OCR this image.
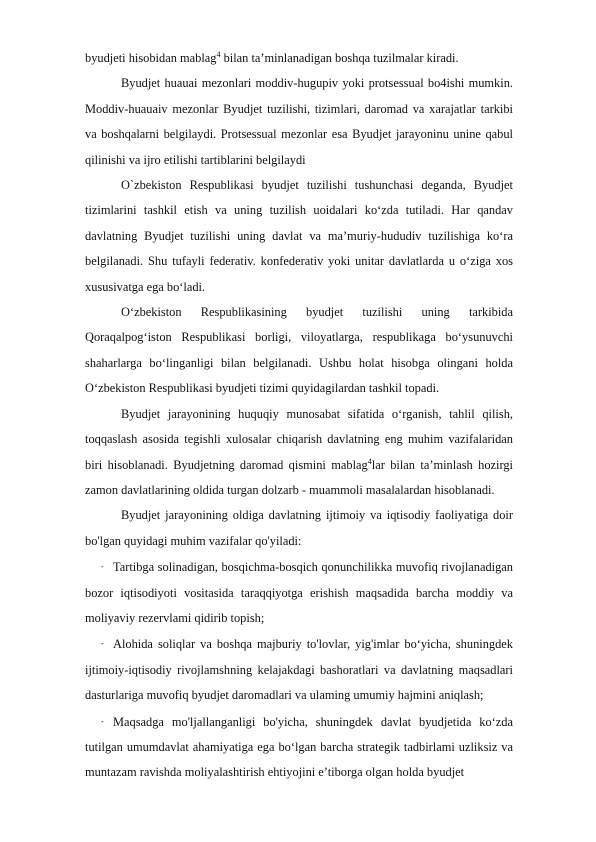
byudjeti hisobidan mablag$^4$ bilan ta’minlanadigan boshqa tuzilmalar kiradi.

Byudjet huauai mezonlari moddiv-hugupiv yoki protsessual bo4ishi mumkin. Moddiv-huauaiv mezonlar Byudjet tuzilishi, tizimlari, daromad va xarajatlar tarkibi va boshqalarni belgilaydi. Protsessual mezonlar esa Byudjet jarayoninu unine qabul qilinishi va ijro etilishi tartiblarini belgilaydi

O`zbekiston Respublikasi byudjet tuzilishi tushunchasi deganda, Byudjet tizimlarini tashkil etish va uning tuzilish uoidalari ko‘zda tutiladi. Har qandav davlatning Byudjet tuzilishi uning davlat va ma’muriy-hududiv tuzilishiga ko‘ra belgilanadi. Shu tufayli federativ. konfederativ yoki unitar davlatlarda u o‘ziga xos xususivatga ega bo‘ladi.

O‘zbekiston Respublikasining byudjet tuzilishi uning tarkibida Qoraqalpog‘iston Respublikasi borligi, viloyatlarga, respublikaga bo‘ysunuvchi shaharlarga bo‘linganligi bilan belgilanadi. Ushbu holat hisobga olingani holda O‘zbekiston Respublikasi byudjeti tizimi quyidagilardan tashkil topadi.

Byudjet jarayonining huquqiy munosabat sifatida o‘rganish, tahlil qilish, toqqaslash asosida tegishli xulosalar chiqarish davlatning eng muhim vazifalaridan biri hisoblanadi. Byudjetning daromad qismini mablag$^4$lar bilan ta’minlash hozirgi zamon davlatlarining oldida turgan dolzarb - muammoli masalalardan hisoblanadi.

Byudjet jarayonining oldiga davlatning ijtimoiy va iqtisodiy faoliyatiga doir bo'lgan quyidagi muhim vazifalar qo'yiladi:

- Tartibga solinadigan, bosqichma-bosqich qonunchilikka muvofiq rivojlanadigan bozor iqtisodiyoti vositasida taraqqiyotga erishish maqsadida barcha moddiy va moliyaviy rezervlami qidirib topish;

- Alohida soliqlar va boshqa majburiy to'lovlar, yig'imlar bo‘yicha, shuningdek ijtimoiy-iqtisodiy rivojlamshning kelajakdagi bashoratlari va davlatning maqsadlari dasturlariga muvofiq byudjet daromadlari va ulaming umumiy hajmini aniqlash;

- Maqsadga mo'ljallanganligi bo'yicha, shuningdek davlat byudjetida ko‘zda tutilgan umumdavlat ahamiyatiga ega bo‘lgan barcha strategik tadbirlami uzliksiz va muntazam ravishda moliyalashtirish ehtiyojini e’tiborga olgan holda byudjet
